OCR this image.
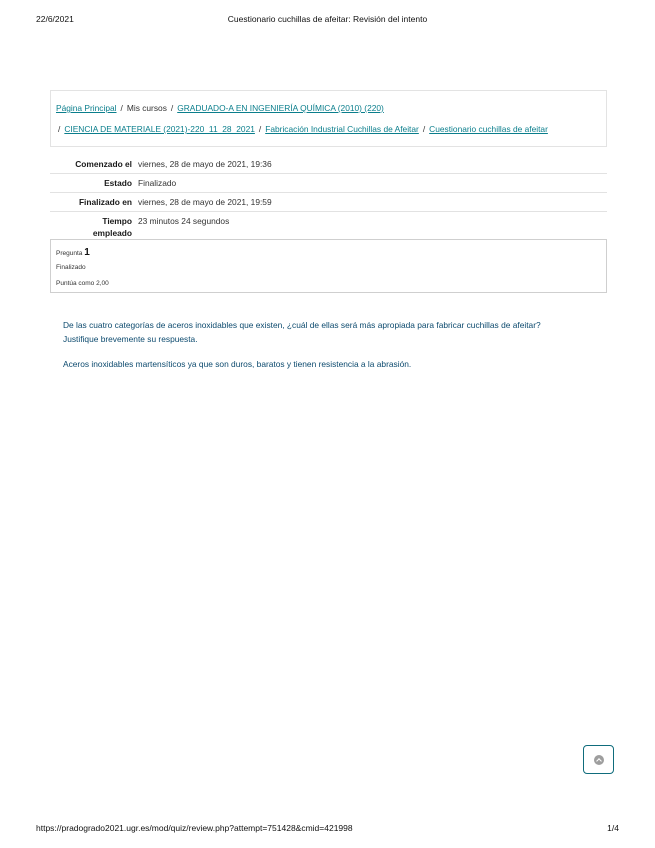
22/6/2021	Cuestionario cuchillas de afeitar: Revisión del intento
Página Principal / Mis cursos / GRADUADO-A EN INGENIERÍA QUÍMICA (2010) (220)
/ CIENCIA DE MATERIALE (2021)-220_11_28_2021 / Fabricación Industrial Cuchillas de Afeitar / Cuestionario cuchillas de afeitar
Comenzado el	viernes, 28 de mayo de 2021, 19:36
Estado	Finalizado
Finalizado en	viernes, 28 de mayo de 2021, 19:59
Tiempo
empleado	23 minutos 24 segundos
Pregunta 1
Finalizado
Puntúa como 2,00
De las cuatro categorías de aceros inoxidables que existen, ¿cuál de ellas será más apropiada para fabricar cuchillas de afeitar?
Justifique brevemente su respuesta.
Aceros inoxidables martensíticos ya que son duros, baratos y tienen resistencia a la abrasión.
https://pradogrado2021.ugr.es/mod/quiz/review.php?attempt=751428&cmid=421998	1/4
